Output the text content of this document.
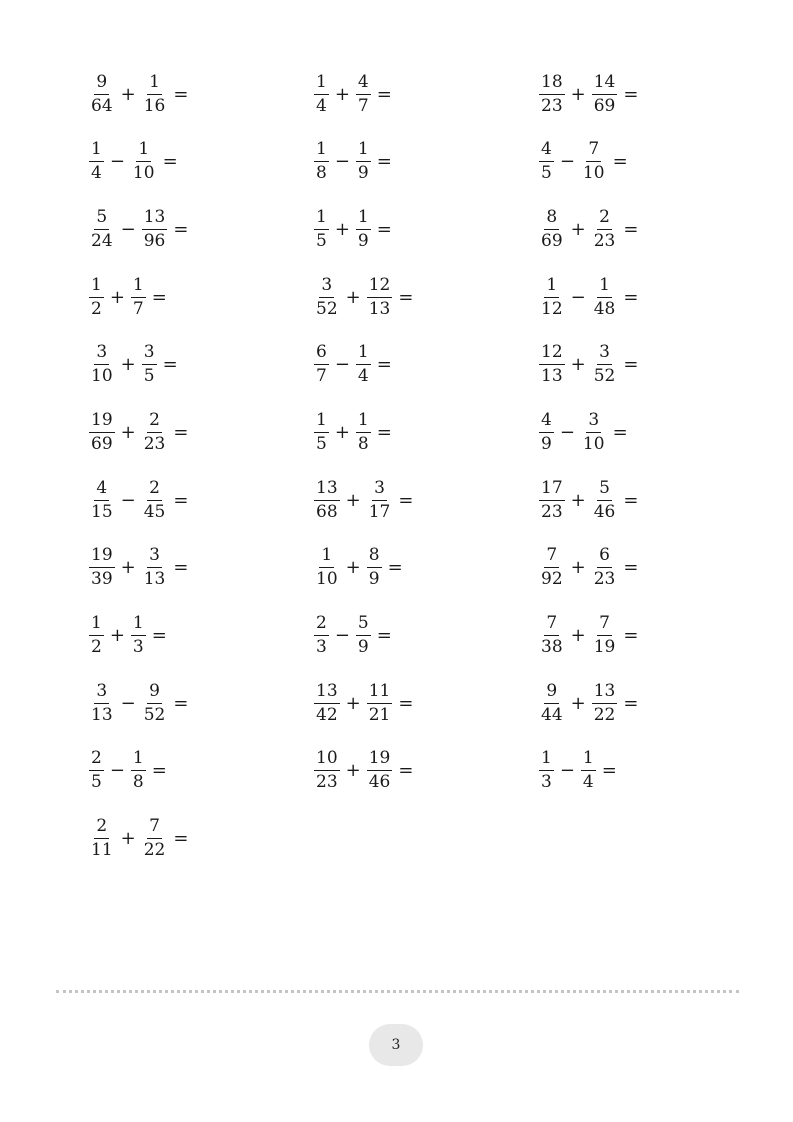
$\frac{9}{64} + \frac{1}{16}$ =	$\frac{1}{4} + \frac{4}{7}$ =	$\frac{18}{23} + \frac{14}{69}$ =
$\frac{1}{4} - \frac{1}{10}$ =	$\frac{1}{8} - \frac{1}{9}$ =	$\frac{4}{5} - \frac{7}{10}$ =
$\frac{5}{24} - \frac{13}{96}$ =	$\frac{1}{5} + \frac{1}{9}$ =	$\frac{8}{69} + \frac{2}{23}$ =
$\frac{1}{2} + \frac{1}{7}$ =	$\frac{3}{52} + \frac{12}{13}$ =	$\frac{1}{12} - \frac{1}{48}$ =
$\frac{3}{10} + \frac{3}{5}$ =	$\frac{6}{7} - \frac{1}{4}$ =	$\frac{12}{13} + \frac{3}{52}$ =
$\frac{19}{69} + \frac{2}{23}$ =	$\frac{1}{5} + \frac{1}{8}$ =	$\frac{4}{9} - \frac{3}{10}$ =
$\frac{4}{15} - \frac{2}{45}$ =	$\frac{13}{68} + \frac{3}{17}$ =	$\frac{17}{23} + \frac{5}{46}$ =
$\frac{19}{39} + \frac{3}{13}$ =	$\frac{1}{10} + \frac{8}{9}$ =	$\frac{7}{92} + \frac{6}{23}$ =
$\frac{1}{2} + \frac{1}{3}$ =	$\frac{2}{3} - \frac{5}{9}$ =	$\frac{7}{38} + \frac{7}{19}$ =
$\frac{3}{13} - \frac{9}{52}$ =	$\frac{13}{42} + \frac{11}{21}$ =	$\frac{9}{44} + \frac{13}{22}$ =
$\frac{2}{5} - \frac{1}{8}$ =	$\frac{10}{23} + \frac{19}{46}$ =	$\frac{1}{3} - \frac{1}{4}$ =
$\frac{2}{11} + \frac{7}{22}$ =
3
